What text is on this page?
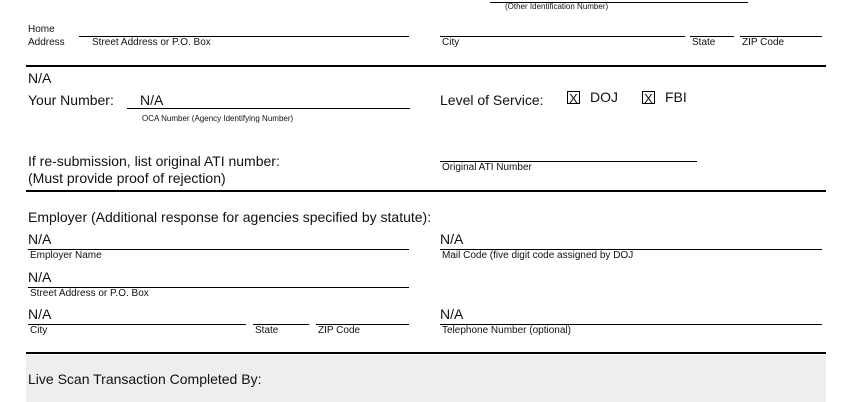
(Other Identification Number)
Home
Address	Street Address or P.O. Box	City	State	ZIP Code
N/A
Your Number: N/A
OCA Number (Agency Identifying Number)
Level of Service: X DOJ X FBI
If re-submission, list original ATI number:
(Must provide proof of rejection)
Original ATI Number
Employer (Additional response for agencies specified by statute):
N/A
Employer Name
N/A
Mail Code (five digit code assigned by DOJ
N/A
Street Address or P.O. Box
N/A
City	State	ZIP Code
N/A
Telephone Number (optional)
Live Scan Transaction Completed By:
